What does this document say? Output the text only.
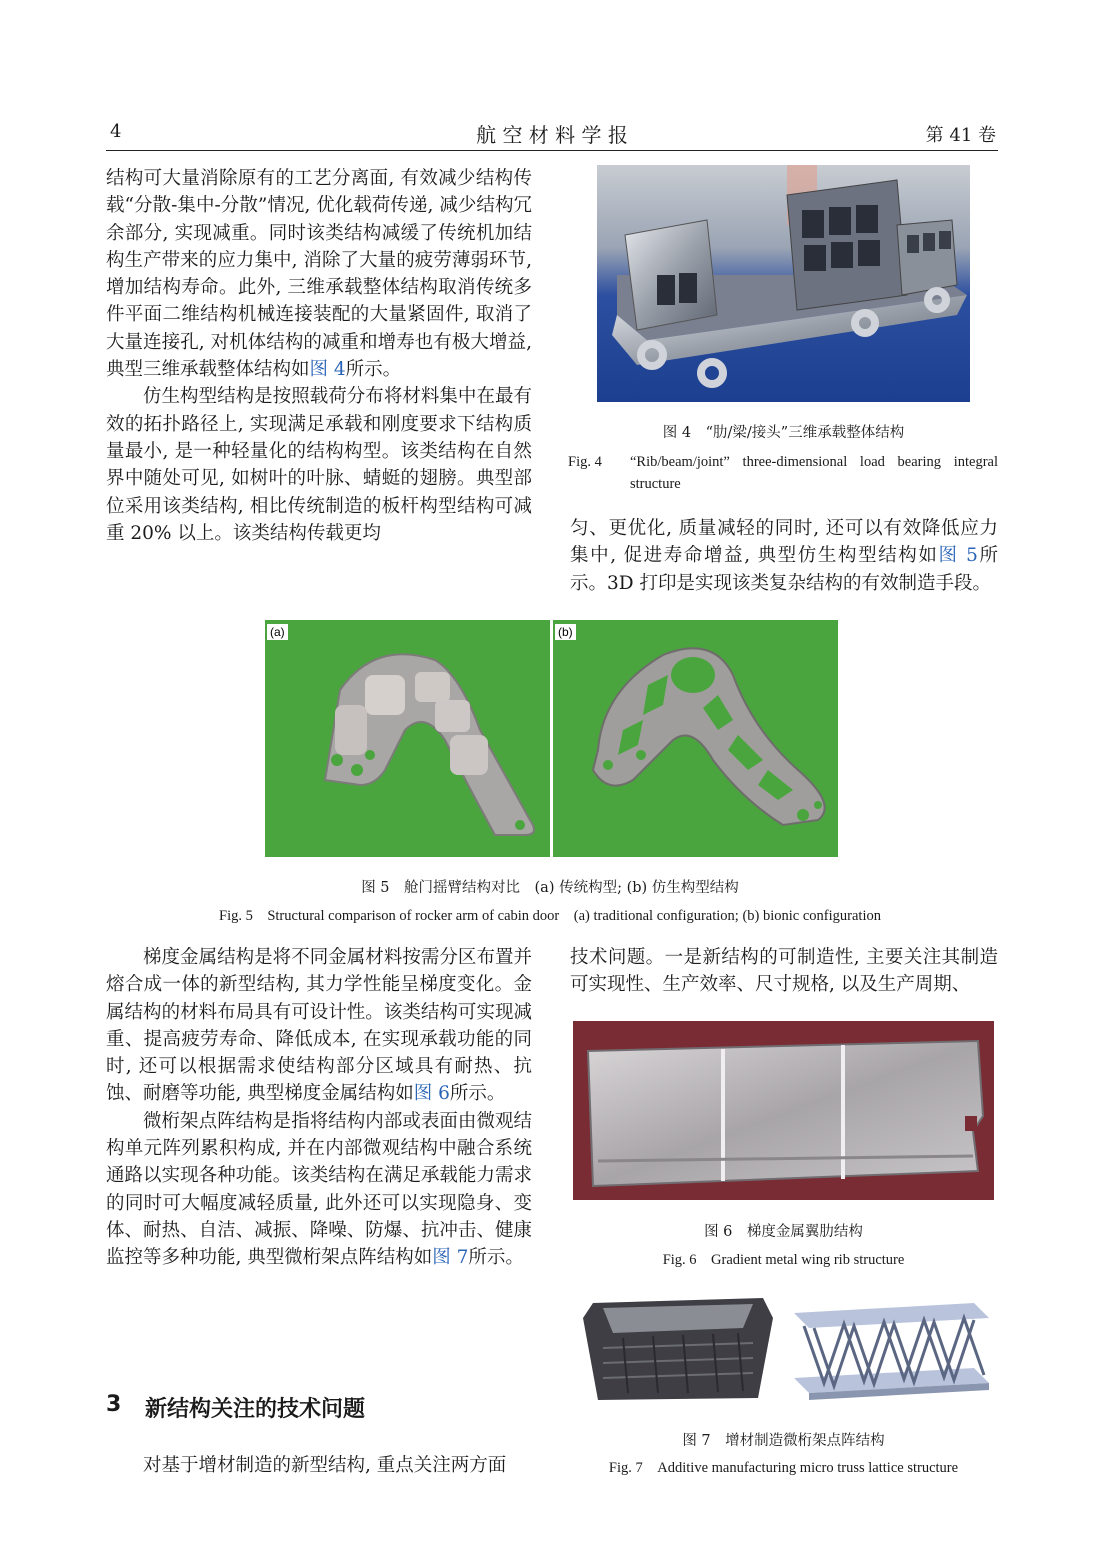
4	航 空 材 料 学 报	第 41 卷

结构可大量消除原有的工艺分离面, 有效减少结构传载“分散-集中-分散”情况, 优化载荷传递, 减少结构冗余部分, 实现减重。同时该类结构减缓了传统机加结构生产带来的应力集中, 消除了大量的疲劳薄弱环节, 增加结构寿命。此外, 三维承载整体结构取消传统多件平面二维结构机械连接装配的大量紧固件, 取消了大量连接孔, 对机体结构的减重和增寿也有极大增益, 典型三维承载整体结构如图 4所示。

仿生构型结构是按照载荷分布将材料集中在最有效的拓扑路径上, 实现满足承载和刚度要求下结构质量最小, 是一种轻量化的结构构型。该类结构在自然界中随处可见, 如树叶的叶脉、蜻蜓的翅膀。典型部位采用该类结构, 相比传统制造的板杆构型结构可减重 20% 以上。该类结构传载更均

图 4　“肋/梁/接头”三维承载整体结构
Fig. 4	“Rib/beam/joint” three-dimensional load bearing integral structure

匀、更优化, 质量减轻的同时, 还可以有效降低应力集中, 促进寿命增益, 典型仿生构型结构如图 5所示。3D 打印是实现该类复杂结构的有效制造手段。

(a)	(b)
图 5　舱门摇臂结构对比　(a) 传统构型; (b) 仿生构型结构
Fig. 5　Structural comparison of rocker arm of cabin door　(a) traditional configuration; (b) bionic configuration

梯度金属结构是将不同金属材料按需分区布置并熔合成一体的新型结构, 其力学性能呈梯度变化。金属结构的材料布局具有可设计性。该类结构可实现减重、提高疲劳寿命、降低成本, 在实现承载功能的同时, 还可以根据需求使结构部分区域具有耐热、抗蚀、耐磨等功能, 典型梯度金属结构如图 6所示。

微桁架点阵结构是指将结构内部或表面由微观结构单元阵列累积构成, 并在内部微观结构中融合系统通路以实现各种功能。该类结构在满足承载能力需求的同时可大幅度减轻质量, 此外还可以实现隐身、变体、耐热、自洁、减振、降噪、防爆、抗冲击、健康监控等多种功能, 典型微桁架点阵结构如图 7所示。

3 新结构关注的技术问题

对基于增材制造的新型结构, 重点关注两方面

技术问题。一是新结构的可制造性, 主要关注其制造可实现性、生产效率、尺寸规格, 以及生产周期、

图 6　梯度金属翼肋结构
Fig. 6　Gradient metal wing rib structure
图 7　增材制造微桁架点阵结构
Fig. 7　Additive manufacturing micro truss lattice structure
